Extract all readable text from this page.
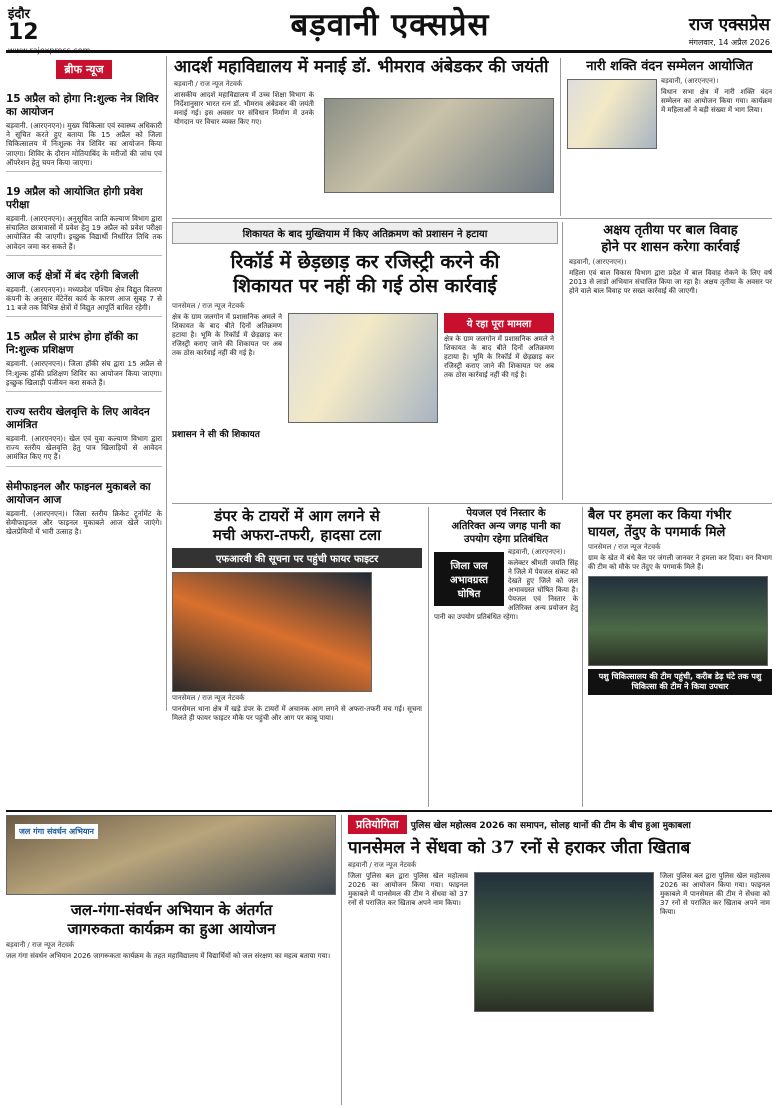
इंदौर
12	बड़वानी एक्सप्रेस	राज एक्सप्रेस
मंगलवार, 14 अप्रैल 2026
ब्रीफ न्यूज
15 अप्रैल को होगा नि:शुल्क नेत्र शिविर का आयोजन
बड़वानी. (आरएनएन)। मुख्य चिकित्सा एवं स्वास्थ्य अधिकारी ने सूचित करते हुए बताया कि 15 अप्रैल को जिला चिकित्सालय में निःशुल्क नेत्र शिविर का आयोजन किया जाएगा। शिविर के दौरान मोतियाबिंद के मरीजों की जांच एवं ऑपरेशन हेतु चयन किया जाएगा।
19 अप्रैल को आयोजित होगी प्रवेश परीक्षा
बड़वानी. (आरएनएन)। अनुसूचित जाति कल्याण विभाग द्वारा संचालित छात्रावासों में प्रवेश हेतु 19 अप्रैल को प्रवेश परीक्षा आयोजित की जाएगी। इच्छुक विद्यार्थी निर्धारित तिथि तक आवेदन जमा कर सकते हैं।
आज कई क्षेत्रों में बंद रहेगी बिजली
बड़वानी. (आरएनएन)। मध्यप्रदेश पश्चिम क्षेत्र विद्युत वितरण कंपनी के अनुसार मेंटेनेंस कार्य के कारण आज सुबह 7 से 11 बजे तक विभिन्न क्षेत्रों में विद्युत आपूर्ति बाधित रहेगी।
15 अप्रैल से प्रारंभ होगा हॉकी का नि:शुल्क प्रशिक्षण
बड़वानी. (आरएनएन)। जिला हॉकी संघ द्वारा 15 अप्रैल से नि:शुल्क हॉकी प्रशिक्षण शिविर का आयोजन किया जाएगा। इच्छुक खिलाड़ी पंजीयन करा सकते हैं।
राज्य स्तरीय खेलवृत्ति के लिए आवेदन आमंत्रित
बड़वानी. (आरएनएन)। खेल एवं युवा कल्याण विभाग द्वारा राज्य स्तरीय खेलवृत्ति हेतु पात्र खिलाड़ियों से आवेदन आमंत्रित किए गए हैं।
सेमीफाइनल और फाइनल मुकाबले का आयोजन आज
बड़वानी. (आरएनएन)। जिला स्तरीय क्रिकेट टूर्नामेंट के सेमीफाइनल और फाइनल मुकाबले आज खेले जाएंगे। खेलप्रेमियों में भारी उत्साह है।
आदर्श महाविद्यालय में मनाई डॉ. भीमराव अंबेडकर की जयंती
बड़वानी / राज न्यूज नेटवर्क
शासकीय आदर्श महाविद्यालय में उच्च शिक्षा विभाग के निर्देशानुसार भारत रत्न डॉ. भीमराव अंबेडकर की जयंती मनाई गई। इस अवसर पर संविधान निर्माण में उनके योगदान पर विचार व्यक्त किए गए।
नारी शक्ति वंदन सम्मेलन आयोजित
बड़वानी, (आरएनएन)।
विधान सभा क्षेत्र में नारी शक्ति वंदन सम्मेलन का आयोजन किया गया। कार्यक्रम में महिलाओं ने बड़ी संख्या में भाग लिया।
शिकायत के बाद मुख्तियाम में किए अतिक्रमण को प्रशासन ने हटाया
रिकॉर्ड में छेड़छाड़ कर रजिस्ट्री करने की
शिकायत पर नहीं की गई ठोस कार्रवाई
पानसेमल / राज न्यूज नेटवर्क
क्षेत्र के ग्राम जलगोन में प्रशासनिक अमले ने शिकायत के बाद बीते दिनों अतिक्रमण हटाया है। भूमि के रिकॉर्ड में छेड़छाड़ कर रजिस्ट्री कराए जाने की शिकायत पर अब तक ठोस कार्रवाई नहीं की गई है।
ये रहा पूरा मामला
क्षेत्र के ग्राम जलगोन में प्रशासनिक अमले ने शिकायत के बाद बीते दिनों अतिक्रमण हटाया है। भूमि के रिकॉर्ड में छेड़छाड़ कर रजिस्ट्री कराए जाने की शिकायत पर अब तक ठोस कार्रवाई नहीं की गई है।
प्रशासन ने सी की शिकायत
अक्षय तृतीया पर बाल विवाह
होने पर शासन करेगा कार्रवाई
बड़वानी, (आरएनएन)।
महिला एवं बाल विकास विभाग द्वारा प्रदेश में बाल विवाह रोकने के लिए वर्ष 2013 से लाडो अभियान संचालित किया जा रहा है। अक्षय तृतीया के अवसर पर होने वाले बाल विवाह पर सख्त कार्रवाई की जाएगी।
डंपर के टायरों में आग लगने से
मची अफरा-तफरी, हादसा टला
एफआरवी की सूचना पर पहुंची फायर फाइटर
पानसेमल / राज न्यूज नेटवर्क
पानसेमल थाना क्षेत्र में खड़े डंपर के टायरों में अचानक आग लगने से अफरा-तफरी मच गई। सूचना मिलते ही फायर फाइटर मौके पर पहुंची और आग पर काबू पाया।
पेयजल एवं निस्तार के
अतिरिक्त अन्य जगह पानी का
उपयोग रहेगा प्रतिबंधित
जिला जल अभावग्रस्त घोषित
बड़वानी, (आरएनएन)।
कलेक्टर श्रीमती जयति सिंह ने जिले में पेयजल संकट को देखते हुए जिले को जल अभावग्रस्त घोषित किया है। पेयजल एवं निस्तार के अतिरिक्त अन्य प्रयोजन हेतु पानी का उपयोग प्रतिबंधित रहेगा।
बैल पर हमला कर किया गंभीर
घायल, तेंदुए के पगमार्क मिले
पानसेमल / राज न्यूज नेटवर्क
ग्राम के खेत में बंधे बैल पर जंगली जानवर ने हमला कर दिया। वन विभाग की टीम को मौके पर तेंदुए के पगमार्क मिले हैं।
पशु चिकित्सालय की टीम पहुंची, करीब डेढ़ घंटे तक पशु चिकित्सा की टीम ने किया उपचार
प्रतियोगिता	पुलिस खेल महोत्सव 2026 का समापन, सोलह थानों की टीम के बीच हुआ मुकाबला
पानसेमल ने सेंधवा को 37 रनों से हराकर जीता खिताब
बड़वानी / राज न्यूज नेटवर्क
जिला पुलिस बल द्वारा पुलिस खेल महोत्सव 2026 का आयोजन किया गया। फाइनल मुकाबले में पानसेमल की टीम ने सेंधवा को 37 रनों से पराजित कर खिताब अपने नाम किया।
जिला पुलिस बल द्वारा पुलिस खेल महोत्सव 2026 का आयोजन किया गया। फाइनल मुकाबले में पानसेमल की टीम ने सेंधवा को 37 रनों से पराजित कर खिताब अपने नाम किया।
जल गंगा संवर्धन अभियान
जल-गंगा-संवर्धन अभियान के अंतर्गत
जागरुकता कार्यक्रम का हुआ आयोजन
बड़वानी / राज न्यूज नेटवर्क
जल गंगा संवर्धन अभियान 2026 जागरूकता कार्यक्रम के तहत महाविद्यालय में विद्यार्थियों को जल संरक्षण का महत्व बताया गया।
